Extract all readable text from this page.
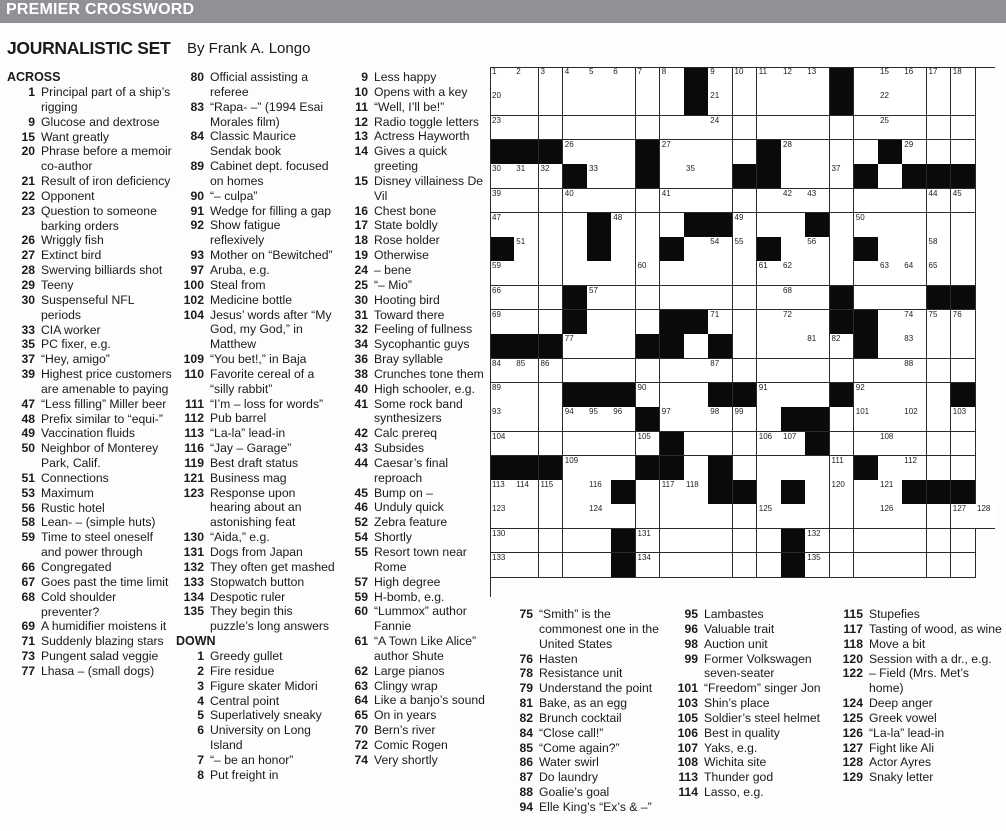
PREMIER CROSSWORD
JOURNALISTIC SET By Frank A. Longo
ACROSS
1 Principal part of a ship’s rigging
9 Glucose and dextrose
15 Want greatly
20 Phrase before a memoir co-author
21 Result of iron deficiency
22 Opponent
23 Question to someone barking orders
26 Wriggly fish
27 Extinct bird
28 Swerving billiards shot
29 Teeny
30 Suspenseful NFL periods
33 CIA worker
35 PC fixer, e.g.
37 “Hey, amigo”
39 Highest price customers are amenable to paying
47 “Less filling” Miller beer
48 Prefix similar to “equi-”
49 Vaccination fluids
50 Neighbor of Monterey Park, Calif.
51 Connections
53 Maximum
56 Rustic hotel
58 Lean- – (simple huts)
59 Time to steel oneself and power through
66 Congregated
67 Goes past the time limit
68 Cold shoulder preventer?
69 A humidifier moistens it
71 Suddenly blazing stars
73 Pungent salad veggie
77 Lhasa – (small dogs)
80 Official assisting a referee
83 “Rapa- –” (1994 Esai Morales film)
84 Classic Maurice Sendak book
89 Cabinet dept. focused on homes
90 “– culpa”
91 Wedge for filling a gap
92 Show fatigue reflexively
93 Mother on “Bewitched”
97 Aruba, e.g.
100 Steal from
102 Medicine bottle
104 Jesus’ words after “My God, my God,” in Matthew
109 “You bet!,” in Baja
110 Favorite cereal of a “silly rabbit”
111 “I’m – loss for words”
112 Pub barrel
113 “La-la” lead-in
116 “Jay – Garage”
119 Best draft status
121 Business mag
123 Response upon hearing about an astonishing feat
130 “Aida,” e.g.
131 Dogs from Japan
132 They often get mashed
133 Stopwatch button
134 Despotic ruler
135 They begin this puzzle’s long answers
DOWN
1 Greedy gullet
2 Fire residue
3 Figure skater Midori
4 Central point
5 Superlatively sneaky
6 University on Long Island
7 “– be an honor”
8 Put freight in
9 Less happy
10 Opens with a key
11 “Well, I’ll be!”
12 Radio toggle letters
13 Actress Hayworth
14 Gives a quick greeting
15 Disney villainess De Vil
16 Chest bone
17 State boldly
18 Rose holder
19 Otherwise
24 – bene
25 “– Mio”
30 Hooting bird
31 Toward there
32 Feeling of fullness
34 Sycophantic guys
36 Bray syllable
38 Crunches tone them
40 High schooler, e.g.
41 Some rock band synthesizers
42 Calc prereq
43 Subsides
44 Caesar’s final reproach
45 Bump on –
46 Unduly quick
52 Zebra feature
54 Shortly
55 Resort town near Rome
57 High degree
59 H-bomb, e.g.
60 “Lummox” author Fannie
61 “A Town Like Alice” author Shute
62 Large pianos
63 Clingy wrap
64 Like a banjo’s sound
65 On in years
70 Bern’s river
72 Comic Rogen
74 Very shortly
75 “Smith” is the commonest one in the United States
76 Hasten
78 Resistance unit
79 Understand the point
81 Bake, as an egg
82 Brunch cocktail
84 “Close call!”
85 “Come again?”
86 Water swirl
87 Do laundry
88 Goalie’s goal
94 Elle King’s “Ex’s & –”
95 Lambastes
96 Valuable trait
98 Auction unit
99 Former Volkswagen seven-seater
101 “Freedom” singer Jon
103 Shin’s place
105 Soldier’s steel helmet
106 Best in quality
107 Yaks, e.g.
108 Wichita site
113 Thunder god
114 Lasso, e.g.
115 Stupefies
117 Tasting of wood, as wine
118 Move a bit
120 Session with a dr., e.g.
122 – Field (Mrs. Met’s home)
124 Deep anger
125 Greek vowel
126 “La-la” lead-in
127 Fight like Ali
128 Actor Ayres
129 Snaky letter
1 2 3 4 5 6 7 8	9 10 11 12 13	15 16 17 18
20	21	22
23	24	25
26	27	28	29
30 31 32	33	35	37
39	40	41	42 43	44 45
47	48	49	50
51	54 55	56	58
59	60	61 62	63 64 65
66	57	68
69	71	72	74 75 76
77	81 82	83
84 85 86	87	88
89	90	91	92
93	94 95 96	97	98 99	101	102	103
104	105	106 107	108
109	111	112
113 114 115	116	117 118	120	121
123	124	125	126	127 128
130	131	132
133	134	135
